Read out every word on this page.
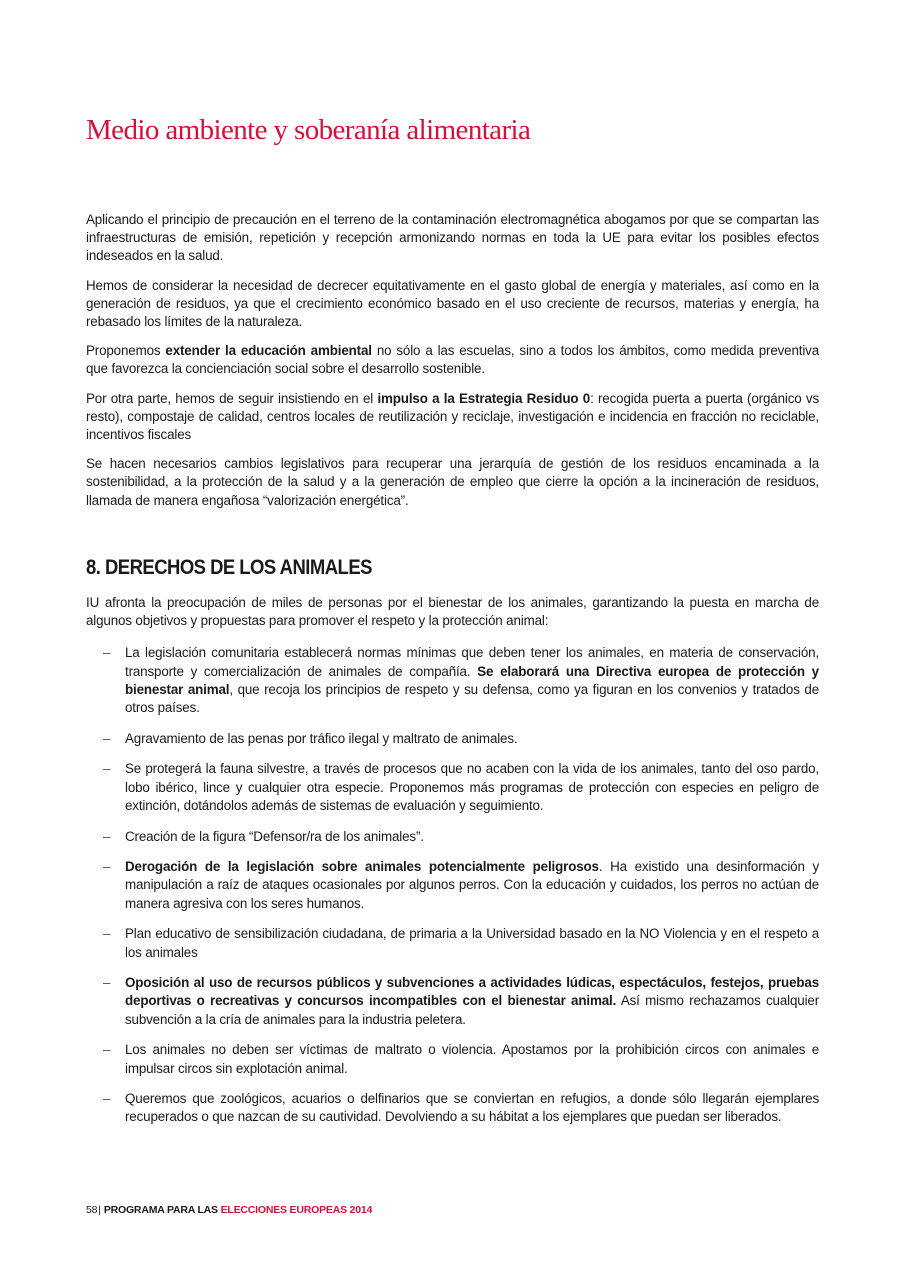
Medio ambiente y soberanía alimentaria

Aplicando el principio de precaución en el terreno de la contaminación electromagnética abogamos por que se compartan las infraestructuras de emisión, repetición y recepción armonizando normas en toda la UE para evitar los posibles efectos indeseados en la salud.

Hemos de considerar la necesidad de decrecer equitativamente en el gasto global de energía y materiales, así como en la generación de residuos, ya que el crecimiento económico basado en el uso creciente de recursos, materias y energía, ha rebasado los límites de la naturaleza.

Proponemos extender la educación ambiental no sólo a las escuelas, sino a todos los ámbitos, como medida preventiva que favorezca la concienciación social sobre el desarrollo sostenible.

Por otra parte, hemos de seguir insistiendo en el impulso a la Estrategia Residuo 0: recogida puerta a puerta (orgánico vs resto), compostaje de calidad, centros locales de reutilización y reciclaje, investigación e incidencia en fracción no reciclable, incentivos fiscales

Se hacen necesarios cambios legislativos para recuperar una jerarquía de gestión de los residuos encaminada a la sostenibilidad, a la protección de la salud y a la generación de empleo que cierre la opción a la incineración de residuos, llamada de manera engañosa “valorización energética”.

8. DERECHOS DE LOS ANIMALES

IU afronta la preocupación de miles de personas por el bienestar de los animales, garantizando la puesta en marcha de algunos objetivos y propuestas para promover el respeto y la protección animal:

– La legislación comunitaria establecerá normas mínimas que deben tener los animales, en materia de conservación, transporte y comercialización de animales de compañía. Se elaborará una Directiva europea de protección y bienestar animal, que recoja los principios de respeto y su defensa, como ya figuran en los convenios y tratados de otros países.
– Agravamiento de las penas por tráfico ilegal y maltrato de animales.
– Se protegerá la fauna silvestre, a través de procesos que no acaben con la vida de los animales, tanto del oso pardo, lobo ibérico, lince y cualquier otra especie. Proponemos más programas de protección con especies en peligro de extinción, dotándolos además de sistemas de evaluación y seguimiento.
– Creación de la figura “Defensor/ra de los animales”.
– Derogación de la legislación sobre animales potencialmente peligrosos. Ha existido una desinformación y manipulación a raíz de ataques ocasionales por algunos perros. Con la educación y cuidados, los perros no actúan de manera agresiva con los seres humanos.
– Plan educativo de sensibilización ciudadana, de primaria a la Universidad basado en la NO Violencia y en el respeto a los animales
– Oposición al uso de recursos públicos y subvenciones a actividades lúdicas, espectáculos, festejos, pruebas deportivas o recreativas y concursos incompatibles con el bienestar animal. Así mismo rechazamos cualquier subvención a la cría de animales para la industria peletera.
– Los animales no deben ser víctimas de maltrato o violencia. Apostamos por la prohibición circos con animales e impulsar circos sin explotación animal.
– Queremos que zoológicos, acuarios o delfinarios que se conviertan en refugios, a donde sólo llegarán ejemplares recuperados o que nazcan de su cautividad. Devolviendo a su hábitat a los ejemplares que puedan ser liberados.
58| PROGRAMA PARA LAS ELECCIONES EUROPEAS 2014
